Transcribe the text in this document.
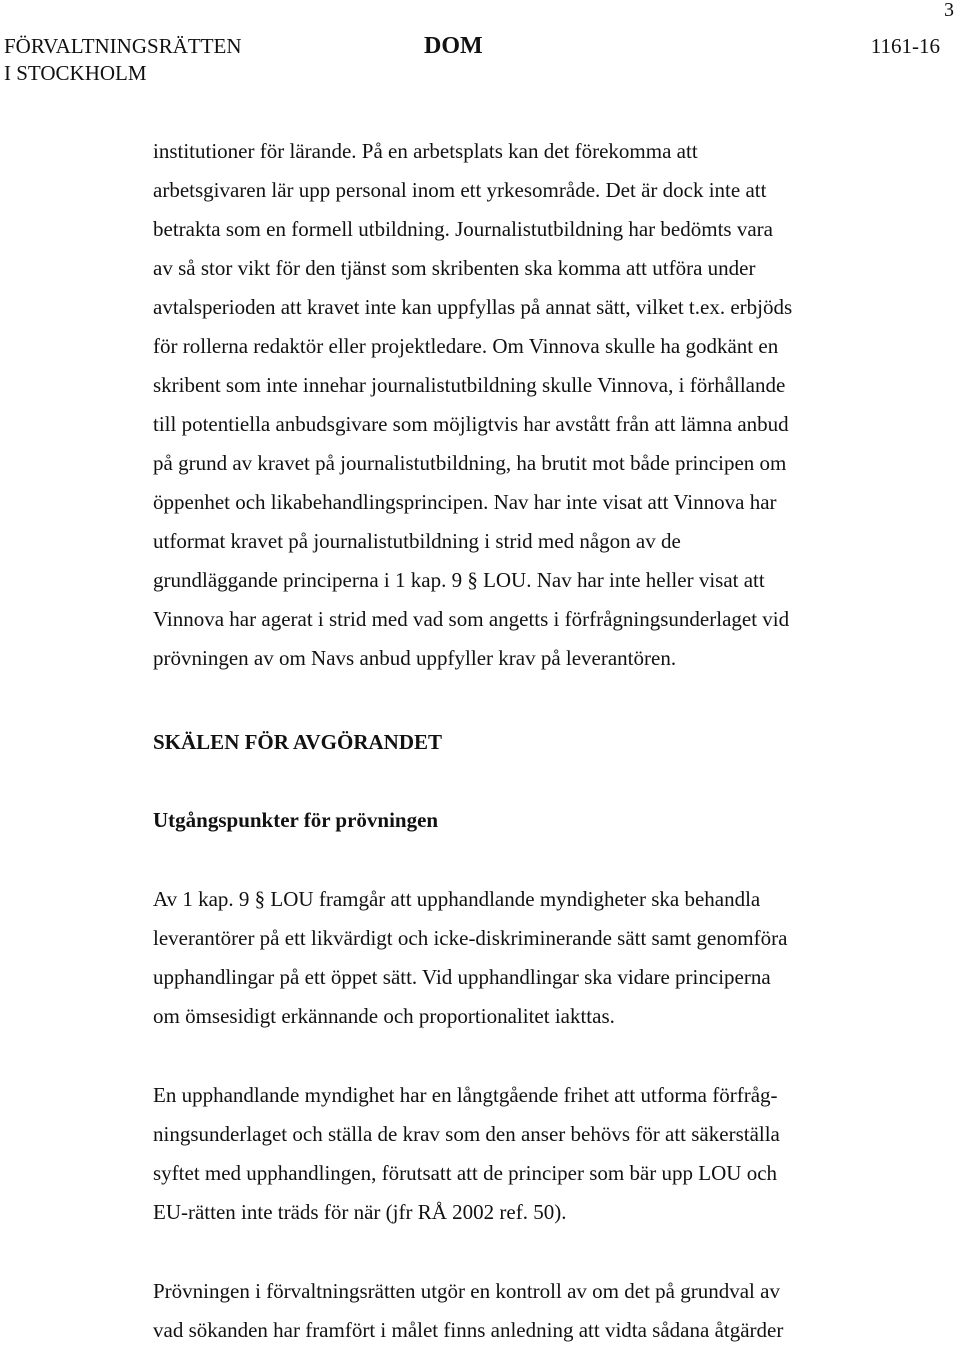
3
FÖRVALTNINGSRÄTTEN
I STOCKHOLM
DOM	1161-16
institutioner för lärande. På en arbetsplats kan det förekomma att
arbetsgivaren lär upp personal inom ett yrkesområde. Det är dock inte att
betrakta som en formell utbildning. Journalistutbildning har bedömts vara
av så stor vikt för den tjänst som skribenten ska komma att utföra under
avtalsperioden att kravet inte kan uppfyllas på annat sätt, vilket t.ex. erbjöds
för rollerna redaktör eller projektledare. Om Vinnova skulle ha godkänt en
skribent som inte innehar journalistutbildning skulle Vinnova, i förhållande
till potentiella anbudsgivare som möjligtvis har avstått från att lämna anbud
på grund av kravet på journalistutbildning, ha brutit mot både principen om
öppenhet och likabehandlingsprincipen. Nav har inte visat att Vinnova har
utformat kravet på journalistutbildning i strid med någon av de
grundläggande principerna i 1 kap. 9 § LOU. Nav har inte heller visat att
Vinnova har agerat i strid med vad som angetts i förfrågningsunderlaget vid
prövningen av om Navs anbud uppfyller krav på leverantören.
SKÄLEN FÖR AVGÖRANDET
Utgångspunkter för prövningen
Av 1 kap. 9 § LOU framgår att upphandlande myndigheter ska behandla
leverantörer på ett likvärdigt och icke-diskriminerande sätt samt genomföra
upphandlingar på ett öppet sätt. Vid upphandlingar ska vidare principerna
om ömsesidigt erkännande och proportionalitet iakttas.
En upphandlande myndighet har en långtgående frihet att utforma förfråg-
ningsunderlaget och ställa de krav som den anser behövs för att säkerställa
syftet med upphandlingen, förutsatt att de principer som bär upp LOU och
EU-rätten inte träds för när (jfr RÅ 2002 ref. 50).
Prövningen i förvaltningsrätten utgör en kontroll av om det på grundval av
vad sökanden har framfört i målet finns anledning att vidta sådana åtgärder
